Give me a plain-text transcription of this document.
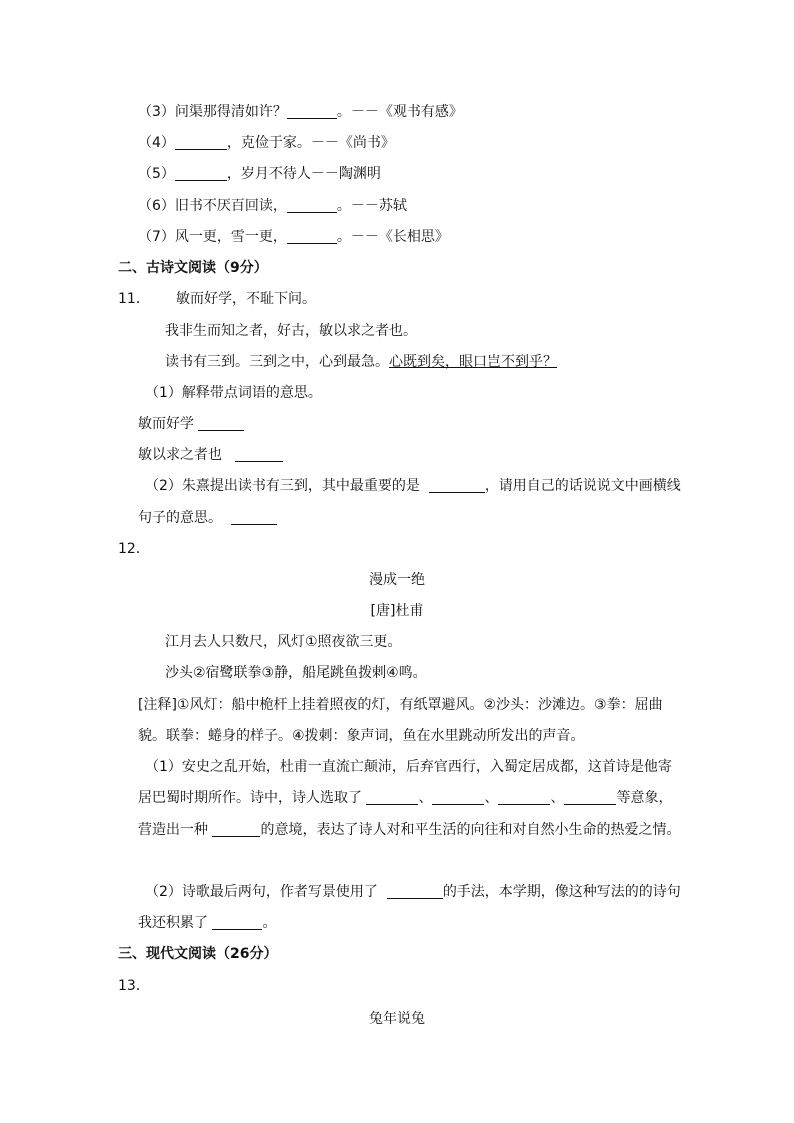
（3）问渠那得清如许？	。－－《观书有感》
（4）	，克俭于家。－－《尚书》
（5）	，岁月不待人－－陶渊明
（6）旧书不厌百回读，	。－－苏轼
（7）风一更，雪一更，	。－－《长相思》
二、古诗文阅读（9分）
11． 敏而好学，不耻下问。
我非生而知之者，好古，敏以求之者也。
读书有三到。三到之中，心到最急。心既到矣，眼口岂不到乎？
（1）解释带点词语的意思。
敏而好学
敏以求之者也
（2）朱熹提出读书有三到，其中最重要的是	，请用自己的话说说文中画横线
句子的意思。
12．
漫成一绝
[唐]杜甫
江月去人只数尺，风灯①照夜欲三更。
沙头②宿鹭联拳③静，船尾跳鱼拨剌④鸣。
[注释]①风灯：船中桅杆上挂着照夜的灯，有纸罩避风。②沙头：沙滩边。③拳：屈曲
貌。联拳：蜷身的样子。④拨刺：象声词，鱼在水里跳动所发出的声音。
（1）安史之乱开始，杜甫一直流亡颠沛，后弃官西行，入蜀定居成都，这首诗是他寄
居巴蜀时期所作。诗中，诗人选取了	、	、	、	等意象，
营造出一种	的意境，表达了诗人对和平生活的向往和对自然小生命的热爱之情。
（2）诗歌最后两句，作者写景使用了	的手法，本学期，像这种写法的的诗句
我还积累了	。
三、现代文阅读（26分）
13．
兔年说兔
